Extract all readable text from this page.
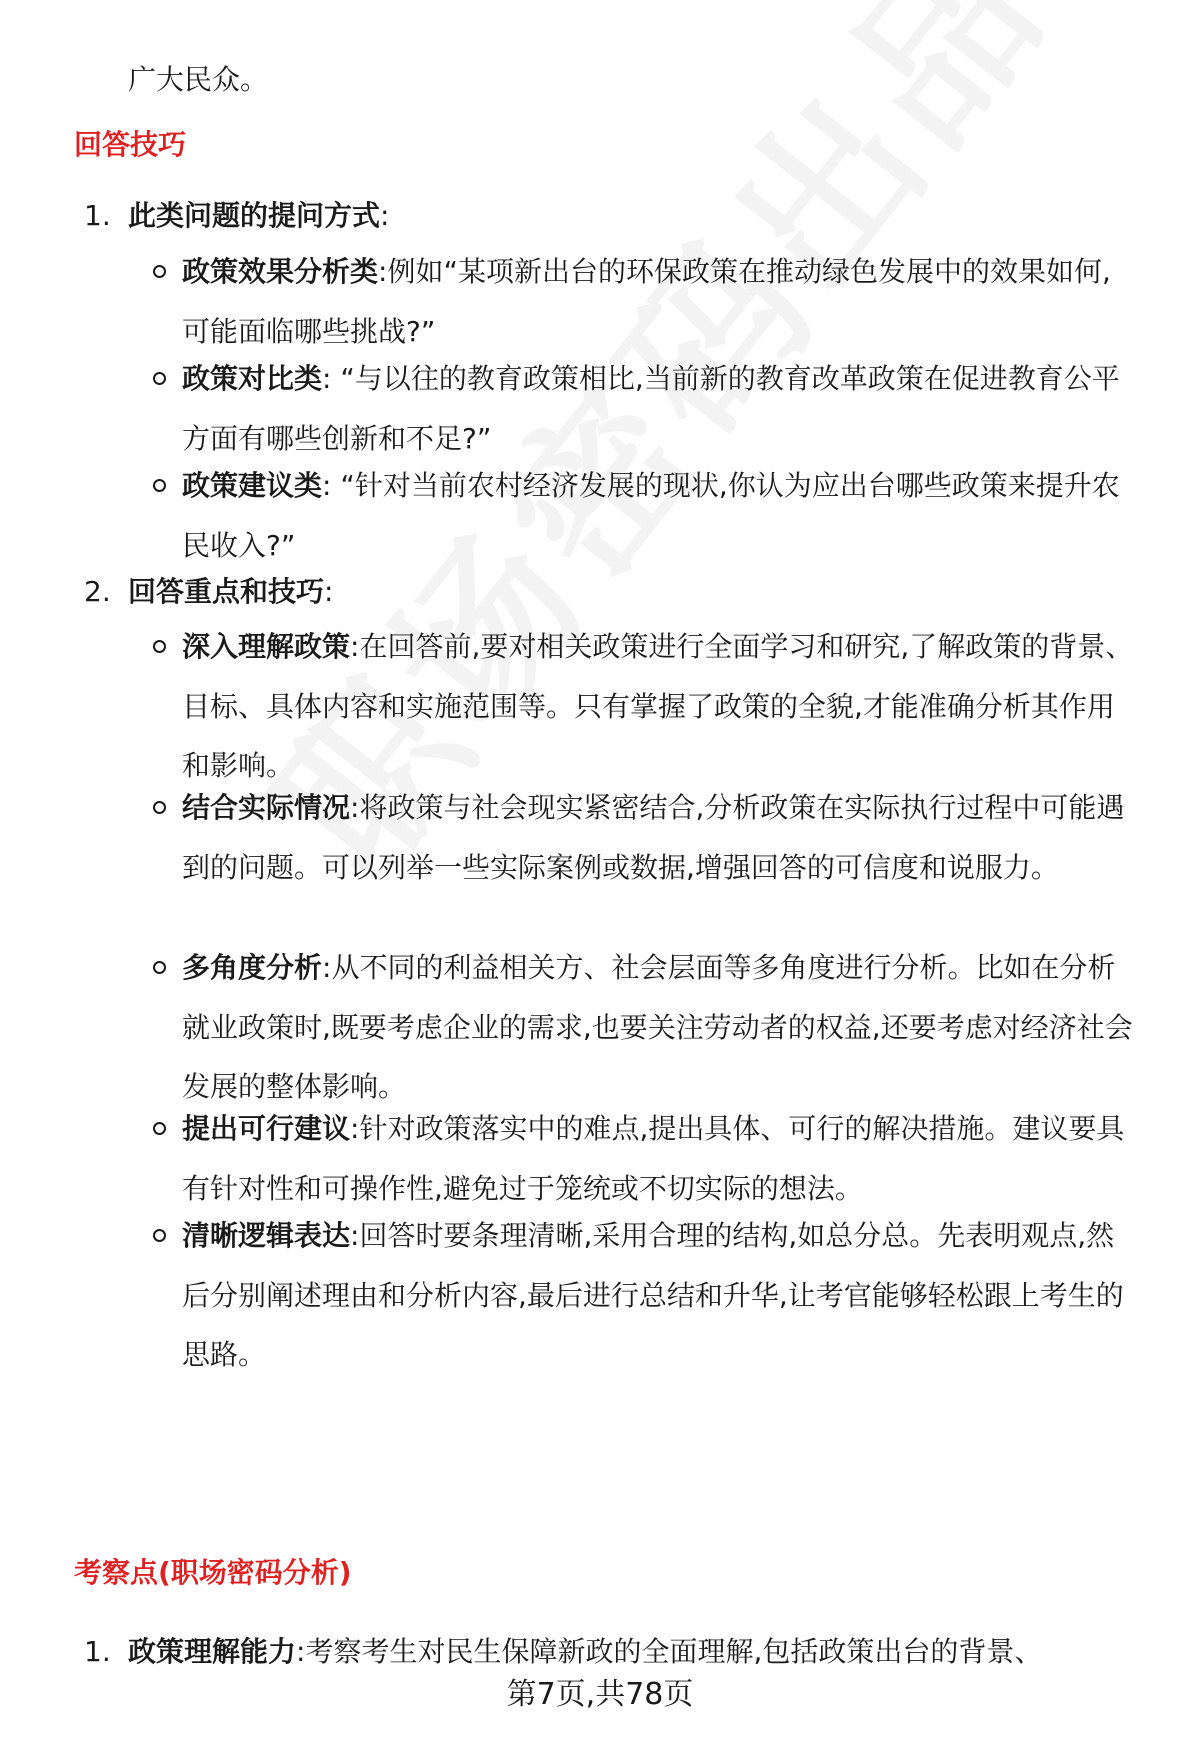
广大民众。
回答技巧
1. 此类问题的提问方式:
政策效果分析类:例如“某项新出台的环保政策在推动绿色发展中的效果如何,可能面临哪些挑战?”
政策对比类: “与以往的教育政策相比,当前新的教育改革政策在促进教育公平方面有哪些创新和不足?”
政策建议类: “针对当前农村经济发展的现状,你认为应出台哪些政策来提升农民收入?”
2. 回答重点和技巧:
深入理解政策:在回答前,要对相关政策进行全面学习和研究,了解政策的背景、目标、具体内容和实施范围等。只有掌握了政策的全貌,才能准确分析其作用和影响。
结合实际情况:将政策与社会现实紧密结合,分析政策在实际执行过程中可能遇到的问题。可以列举一些实际案例或数据,增强回答的可信度和说服力。
多角度分析:从不同的利益相关方、社会层面等多角度进行分析。比如在分析就业政策时,既要考虑企业的需求,也要关注劳动者的权益,还要考虑对经济社会发展的整体影响。
提出可行建议:针对政策落实中的难点,提出具体、可行的解决措施。建议要具有针对性和可操作性,避免过于笼统或不切实际的想法。
清晰逻辑表达:回答时要条理清晰,采用合理的结构,如总分总。先表明观点,然后分别阐述理由和分析内容,最后进行总结和升华,让考官能够轻松跟上考生的思路。
考察点(职场密码分析)
1. 政策理解能力:考察考生对民生保障新政的全面理解,包括政策出台的背景、
第7页,共78页
